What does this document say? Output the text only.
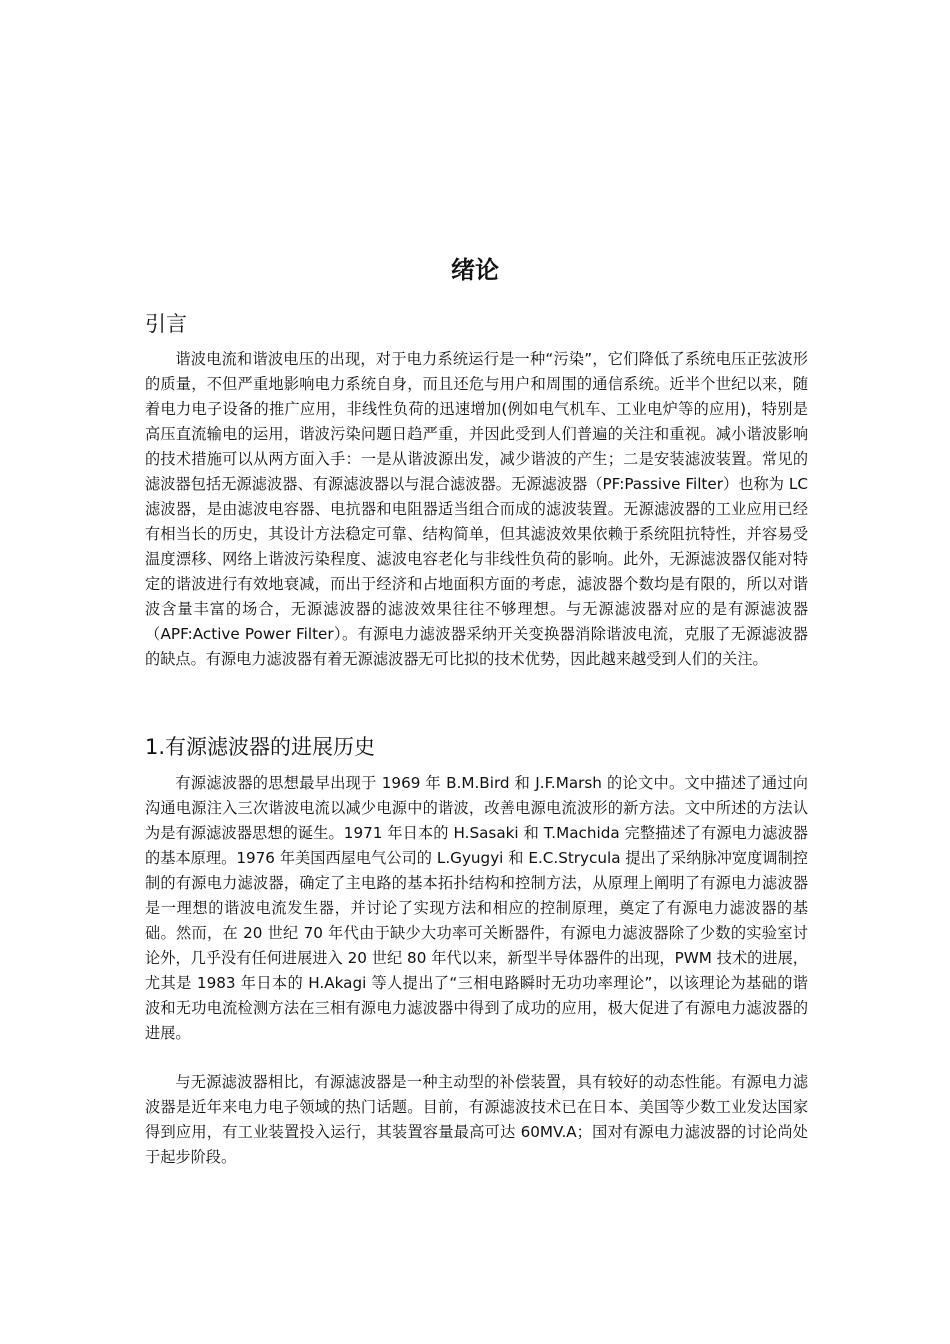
绪论
引言

谐波电流和谐波电压的出现，对于电力系统运行是一种“污染”，它们降低了系统电压正弦波形的质量，不但严重地影响电力系统自身，而且还危与用户和周围的通信系统。近半个世纪以来，随着电力电子设备的推广应用，非线性负荷的迅速增加(例如电气机车、工业电炉等的应用)，特别是高压直流输电的运用，谐波污染问题日趋严重，并因此受到人们普遍的关注和重视。减小谐波影响的技术措施可以从两方面入手：一是从谐波源出发，减少谐波的产生；二是安装滤波装置。常见的滤波器包括无源滤波器、有源滤波器以与混合滤波器。无源滤波器（PF:Passive Filter）也称为 LC 滤波器，是由滤波电容器、电抗器和电阻器适当组合而成的滤波装置。无源滤波器的工业应用已经有相当长的历史，其设计方法稳定可靠、结构简单，但其滤波效果依赖于系统阻抗特性，并容易受温度漂移、网络上谐波污染程度、滤波电容老化与非线性负荷的影响。此外，无源滤波器仅能对特定的谐波进行有效地衰减，而出于经济和占地面积方面的考虑，滤波器个数均是有限的，所以对谐波含量丰富的场合，无源滤波器的滤波效果往往不够理想。与无源滤波器对应的是有源滤波器（APF:Active Power Filter）。有源电力滤波器采纳开关变换器消除谐波电流，克服了无源滤波器的缺点。有源电力滤波器有着无源滤波器无可比拟的技术优势，因此越来越受到人们的关注。

1.有源滤波器的进展历史

有源滤波器的思想最早出现于 1969 年 B.M.Bird 和 J.F.Marsh 的论文中。文中描述了通过向沟通电源注入三次谐波电流以减少电源中的谐波，改善电源电流波形的新方法。文中所述的方法认为是有源滤波器思想的诞生。1971 年日本的 H.Sasaki 和 T.Machida 完整描述了有源电力滤波器的基本原理。1976 年美国西屋电气公司的 L.Gyugyi 和 E.C.Strycula 提出了采纳脉冲宽度调制控制的有源电力滤波器，确定了主电路的基本拓扑结构和控制方法，从原理上阐明了有源电力滤波器是一理想的谐波电流发生器，并讨论了实现方法和相应的控制原理，奠定了有源电力滤波器的基础。然而，在 20 世纪 70 年代由于缺少大功率可关断器件，有源电力滤波器除了少数的实验室讨论外，几乎没有任何进展进入 20 世纪 80 年代以来，新型半导体器件的出现，PWM 技术的进展，尤其是 1983 年日本的 H.Akagi 等人提出了“三相电路瞬时无功功率理论”，以该理论为基础的谐波和无功电流检测方法在三相有源电力滤波器中得到了成功的应用，极大促进了有源电力滤波器的进展。

与无源滤波器相比，有源滤波器是一种主动型的补偿装置，具有较好的动态性能。有源电力滤波器是近年来电力电子领域的热门话题。目前，有源滤波技术已在日本、美国等少数工业发达国家得到应用，有工业装置投入运行，其装置容量最高可达 60MV.A；国对有源电力滤波器的讨论尚处于起步阶段。
